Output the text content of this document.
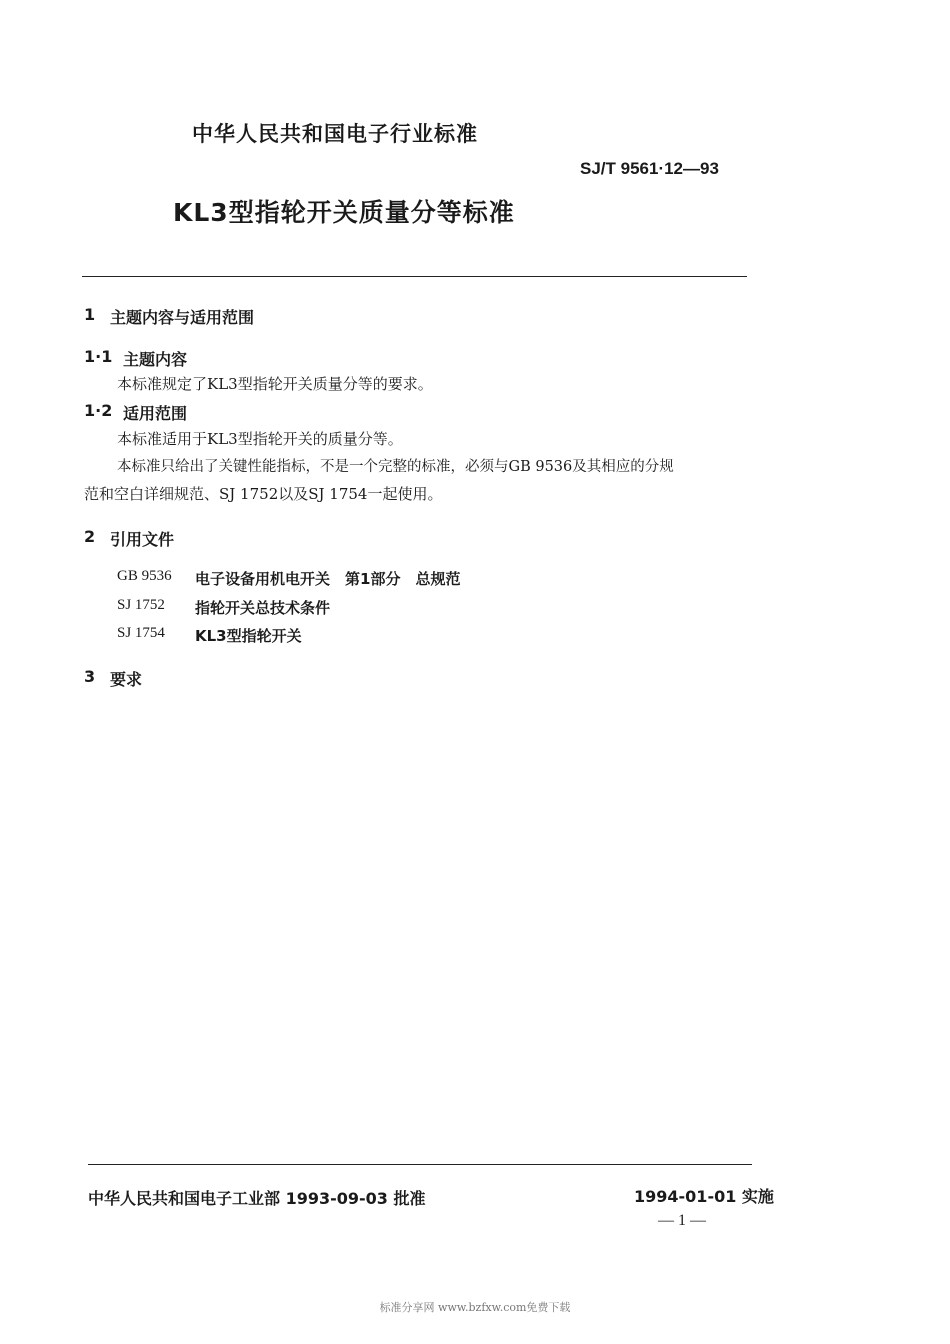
中华人民共和国电子行业标准
SJ/T 9561·12—93
KL3型指轮开关质量分等标准
1 主题内容与适用范围
1·1 主题内容
本标准规定了KL3型指轮开关质量分等的要求。
1·2 适用范围
本标准适用于KL3型指轮开关的质量分等。
本标准只给出了关键性能指标，不是一个完整的标准，必须与GB 9536及其相应的分规
范和空白详细规范、SJ 1752以及SJ 1754一起使用。
2 引用文件
GB 9536 电子设备用机电开关　第1部分　总规范
SJ 1752 指轮开关总技术条件
SJ 1754 KL3型指轮开关
3 要求
中华人民共和国电子工业部 1993-09-03 批准	1994-01-01 实施
— 1 —
标准分享网 www.bzfxw.com免费下载
